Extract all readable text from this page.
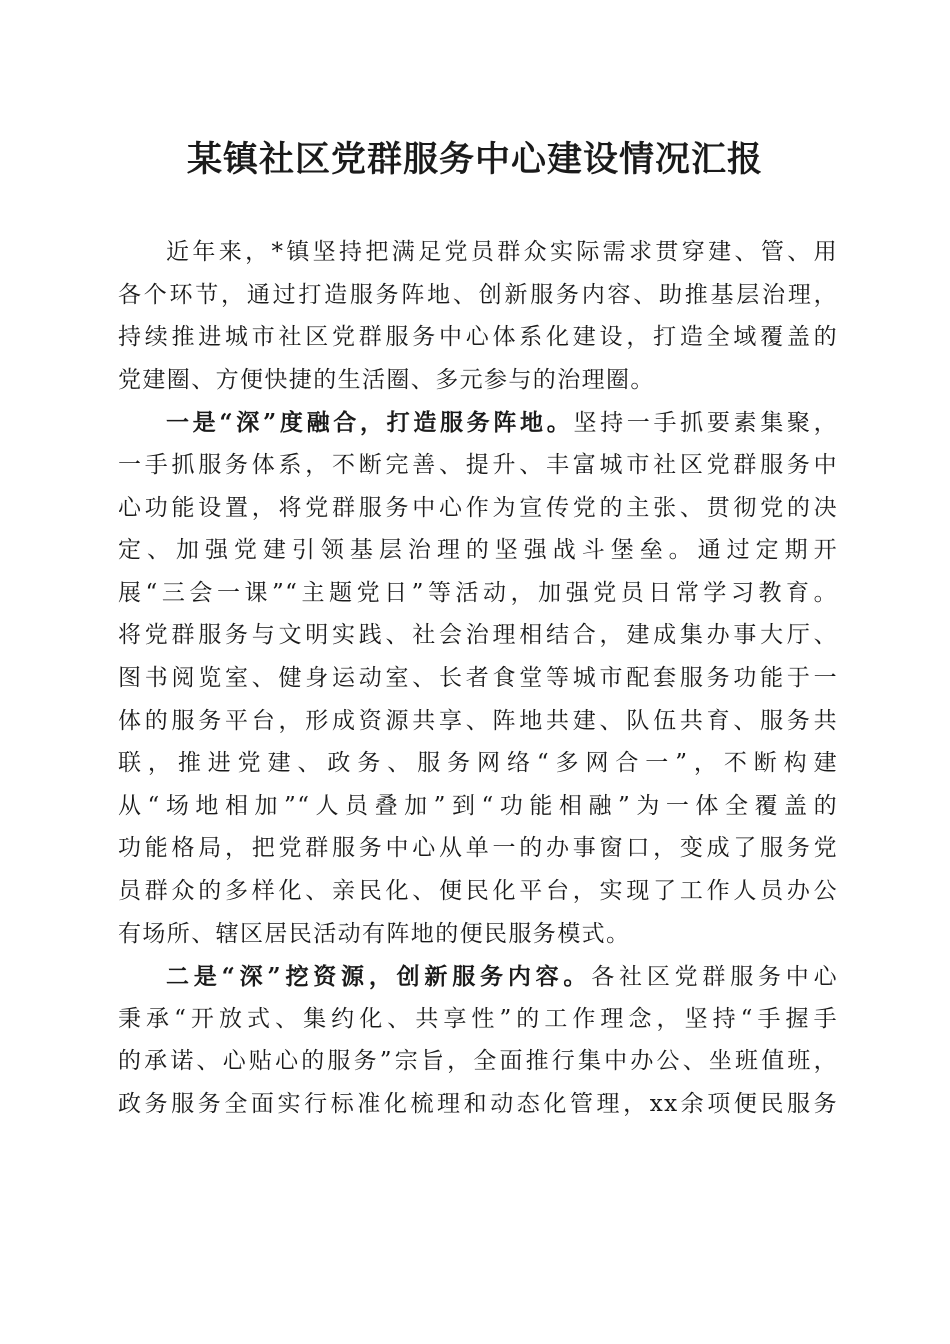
某镇社区党群服务中心建设情况汇报
近年来，*镇坚持把满足党员群众实际需求贯穿建、管、用
各个环节，通过打造服务阵地、创新服务内容、助推基层治理，
持续推进城市社区党群服务中心体系化建设，打造全域覆盖的
党建圈、方便快捷的生活圈、多元参与的治理圈。
一是“深”度融合，打造服务阵地。坚持一手抓要素集聚，
一手抓服务体系，不断完善、提升、丰富城市社区党群服务中
心功能设置，将党群服务中心作为宣传党的主张、贯彻党的决
定、加强党建引领基层治理的坚强战斗堡垒。通过定期开
展“三会一课”“主题党日”等活动，加强党员日常学习教育。
将党群服务与文明实践、社会治理相结合，建成集办事大厅、
图书阅览室、健身运动室、长者食堂等城市配套服务功能于一
体的服务平台，形成资源共享、阵地共建、队伍共育、服务共
联，推进党建、政务、服务网络“多网合一”，不断构建
从“场地相加”“人员叠加”到“功能相融”为一体全覆盖的
功能格局，把党群服务中心从单一的办事窗口，变成了服务党
员群众的多样化、亲民化、便民化平台，实现了工作人员办公
有场所、辖区居民活动有阵地的便民服务模式。
二是“深”挖资源，创新服务内容。各社区党群服务中心
秉承“开放式、集约化、共享性”的工作理念，坚持“手握手
的承诺、心贴心的服务”宗旨，全面推行集中办公、坐班值班，
政务服务全面实行标准化梳理和动态化管理，xx余项便民服务
